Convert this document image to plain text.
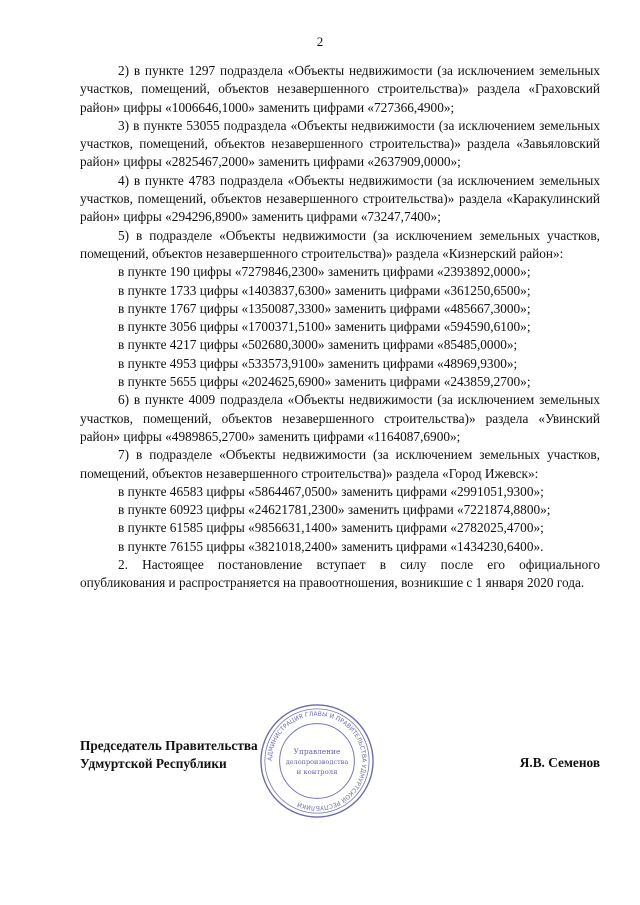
2

2) в пункте 1297 подраздела «Объекты недвижимости (за исключением земельных участков, помещений, объектов незавершенного строительства)» раздела «Граховский район» цифры «1006646,1000» заменить цифрами «727366,4900»;

3) в пункте 53055 подраздела «Объекты недвижимости (за исключением земельных участков, помещений, объектов незавершенного строительства)» раздела «Завьяловский район» цифры «2825467,2000» заменить цифрами «2637909,0000»;

4) в пункте 4783 подраздела «Объекты недвижимости (за исключением земельных участков, помещений, объектов незавершенного строительства)» раздела «Каракулинский район» цифры «294296,8900» заменить цифрами «73247,7400»;

5) в подразделе «Объекты недвижимости (за исключением земельных участков, помещений, объектов незавершенного строительства)» раздела «Кизнерский район»:

в пункте 190 цифры «7279846,2300» заменить цифрами «2393892,0000»;

в пункте 1733 цифры «1403837,6300» заменить цифрами «361250,6500»;

в пункте 1767 цифры «1350087,3300» заменить цифрами «485667,3000»;

в пункте 3056 цифры «1700371,5100» заменить цифрами «594590,6100»;

в пункте 4217 цифры «502680,3000» заменить цифрами «85485,0000»;

в пункте 4953 цифры «533573,9100» заменить цифрами «48969,9300»;

в пункте 5655 цифры «2024625,6900» заменить цифрами «243859,2700»;

6) в пункте 4009 подраздела «Объекты недвижимости (за исключением земельных участков, помещений, объектов незавершенного строительства)» раздела «Увинский район» цифры «4989865,2700» заменить цифрами «1164087,6900»;

7) в подразделе «Объекты недвижимости (за исключением земельных участков, помещений, объектов незавершенного строительства)» раздела «Город Ижевск»:

в пункте 46583 цифры «5864467,0500» заменить цифрами «2991051,9300»;

в пункте 60923 цифры «24621781,2300» заменить цифрами «7221874,8800»;

в пункте 61585 цифры «9856631,1400» заменить цифрами «2782025,4700»;

в пункте 76155 цифры «3821018,2400» заменить цифрами «1434230,6400».

2. Настоящее постановление вступает в силу после его официального опубликования и распространяется на правоотношения, возникшие с 1 января 2020 года.

Председатель Правительства
Удмуртской Республики	Я.В. Семенов
АДМИНИСТРАЦИЯ ГЛАВЫ И ПРАВИТЕЛЬСТВА УДМУРТСКОЙ РЕСПУБЛИКИ
Управление
делопроизводства
и контроля
